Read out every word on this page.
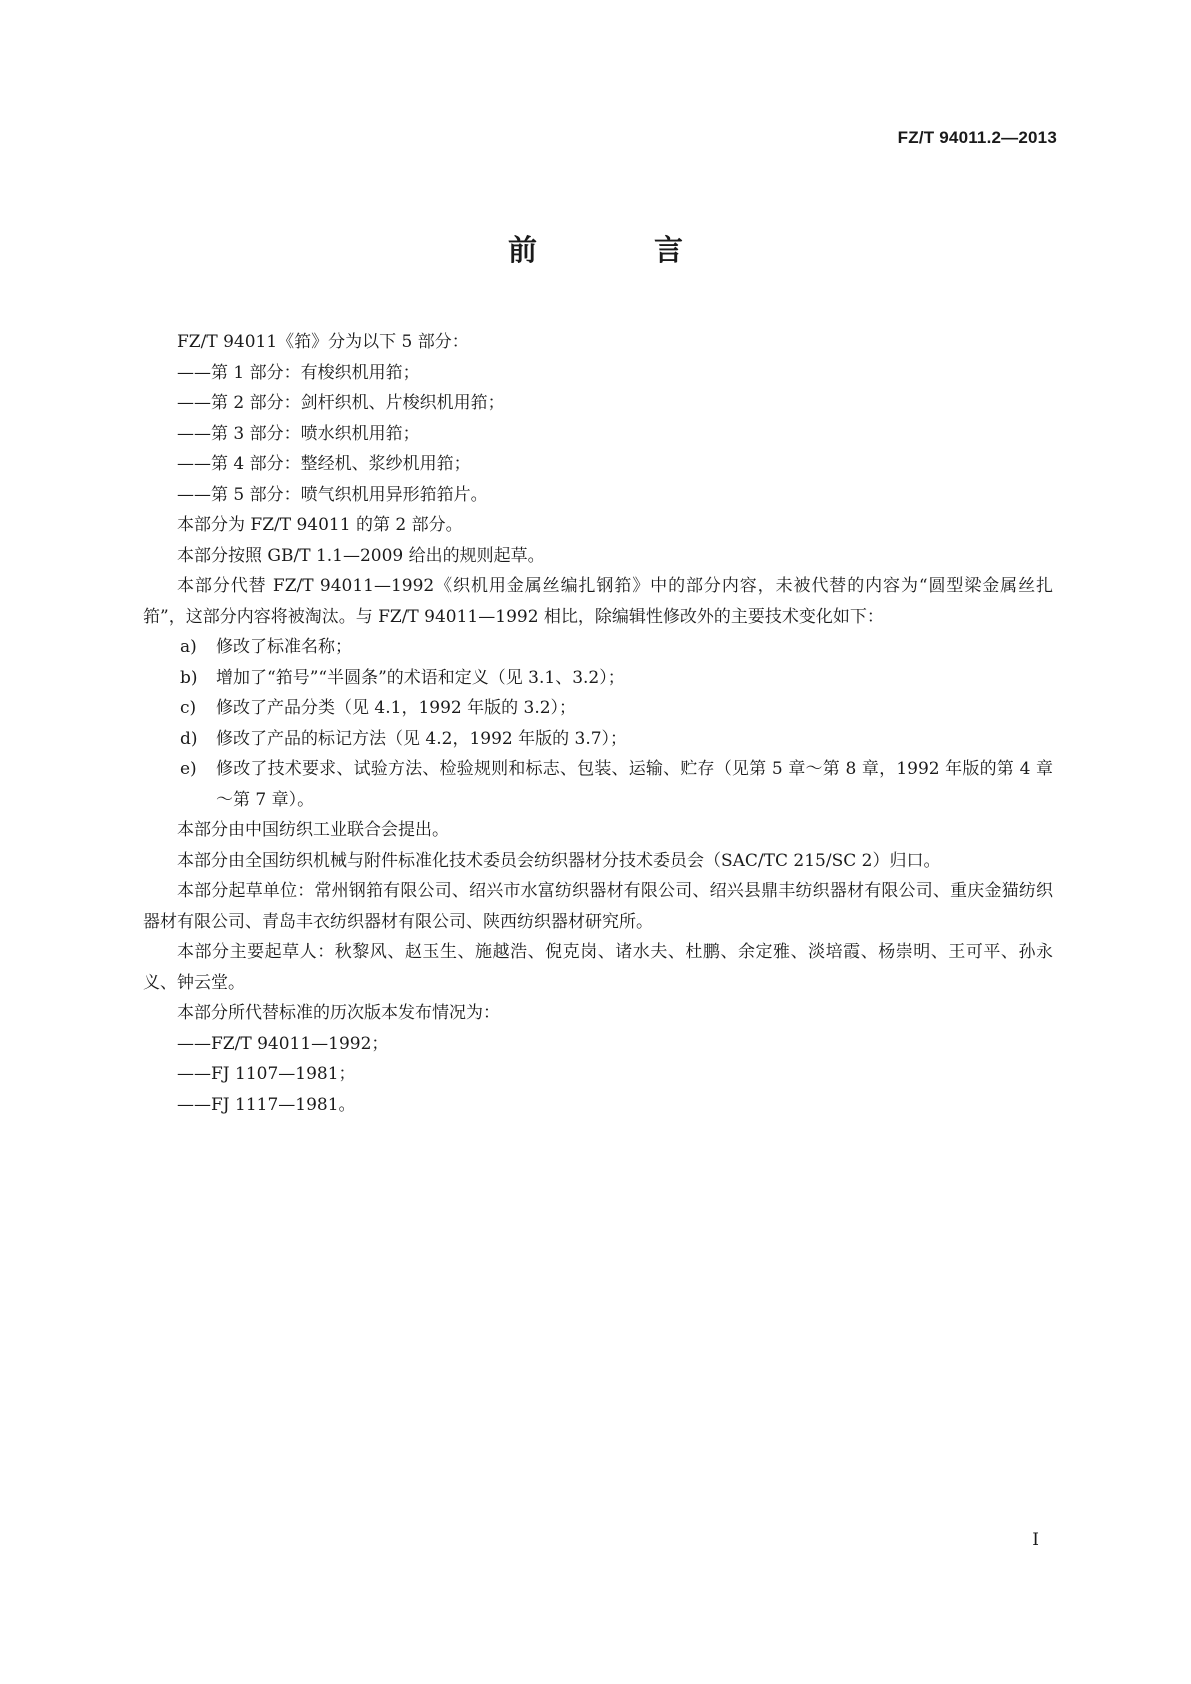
FZ/T 94011.2—2013
前　言

FZ/T 94011《筘》分为以下 5 部分：

——第 1 部分：有梭织机用筘；

——第 2 部分：剑杆织机、片梭织机用筘；

——第 3 部分：喷水织机用筘；

——第 4 部分：整经机、浆纱机用筘；

——第 5 部分：喷气织机用异形筘筘片。

本部分为 FZ/T 94011 的第 2 部分。

本部分按照 GB/T 1.1—2009 给出的规则起草。

本部分代替 FZ/T 94011—1992《织机用金属丝编扎钢筘》中的部分内容，未被代替的内容为“圆型梁金属丝扎筘”，这部分内容将被淘汰。与 FZ/T 94011—1992 相比，除编辑性修改外的主要技术变化如下：

a) 修改了标准名称；

b) 增加了“筘号”“半圆条”的术语和定义（见 3.1、3.2）；

c) 修改了产品分类（见 4.1，1992 年版的 3.2）；

d) 修改了产品的标记方法（见 4.2，1992 年版的 3.7）；

e) 修改了技术要求、试验方法、检验规则和标志、包装、运输、贮存（见第 5 章～第 8 章，1992 年版的第 4 章～第 7 章）。

本部分由中国纺织工业联合会提出。

本部分由全国纺织机械与附件标准化技术委员会纺织器材分技术委员会（SAC/TC 215/SC 2）归口。

本部分起草单位：常州钢筘有限公司、绍兴市水富纺织器材有限公司、绍兴县鼎丰纺织器材有限公司、重庆金猫纺织器材有限公司、青岛丰衣纺织器材有限公司、陕西纺织器材研究所。

本部分主要起草人：秋黎风、赵玉生、施越浩、倪克岗、诸水夫、杜鹏、余定雅、淡培霞、杨崇明、王可平、孙永义、钟云堂。

本部分所代替标准的历次版本发布情况为：

——FZ/T 94011—1992；

——FJ 1107—1981；

——FJ 1117—1981。

I
